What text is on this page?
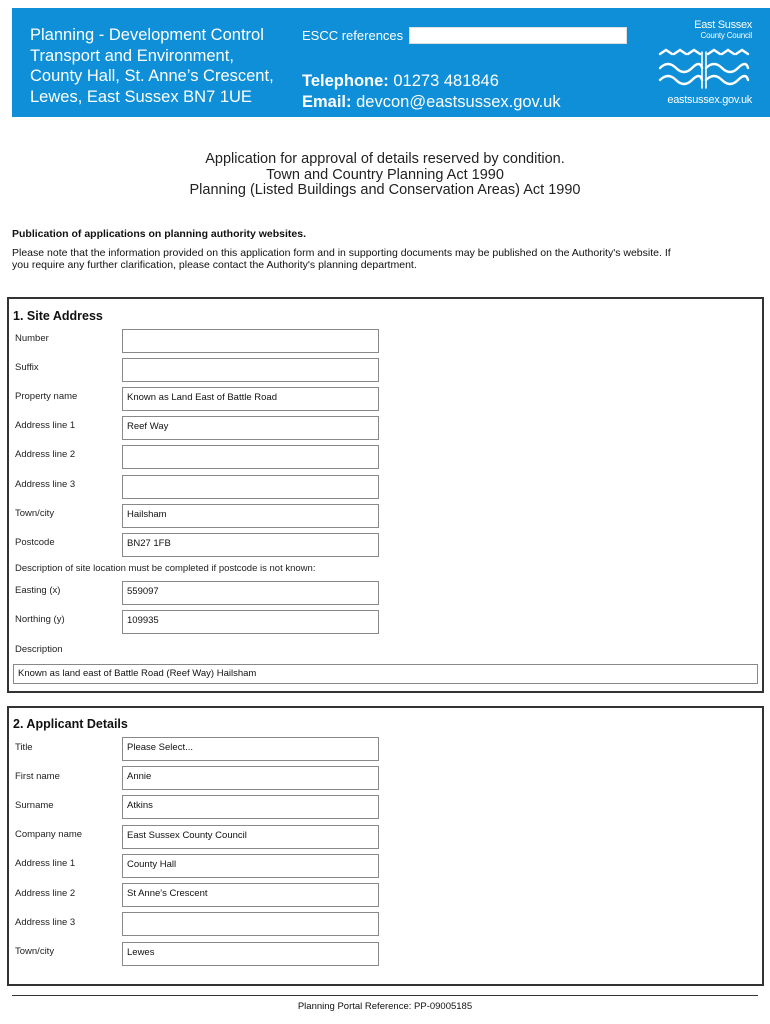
Planning - Development Control
Transport and Environment,
County Hall, St. Anne’s Crescent,
Lewes, East Sussex BN7 1UE
ESCC references
Telephone: 01273 481846
Email: devcon@eastsussex.gov.uk
East Sussex
County Council
eastsussex.gov.uk
Application for approval of details reserved by condition.
Town and Country Planning Act 1990
Planning (Listed Buildings and Conservation Areas) Act 1990
Publication of applications on planning authority websites.
Please note that the information provided on this application form and in supporting documents may be published on the Authority's website. If
you require any further clarification, please contact the Authority's planning department.
1. Site Address
Number
Suffix
Property name	Known as Land East of Battle Road
Address line 1	Reef Way
Address line 2
Address line 3
Town/city	Hailsham
Postcode	BN27 1FB
Description of site location must be completed if postcode is not known:
Easting (x)	559097
Northing (y)	109935
Description
Known as land east of Battle Road (Reef Way) Hailsham
2. Applicant Details
Title	Please Select...
First name	Annie
Surname	Atkins
Company name	East Sussex County Council
Address line 1	County Hall
Address line 2	St Anne's Crescent
Address line 3
Town/city	Lewes
Planning Portal Reference: PP-09005185
